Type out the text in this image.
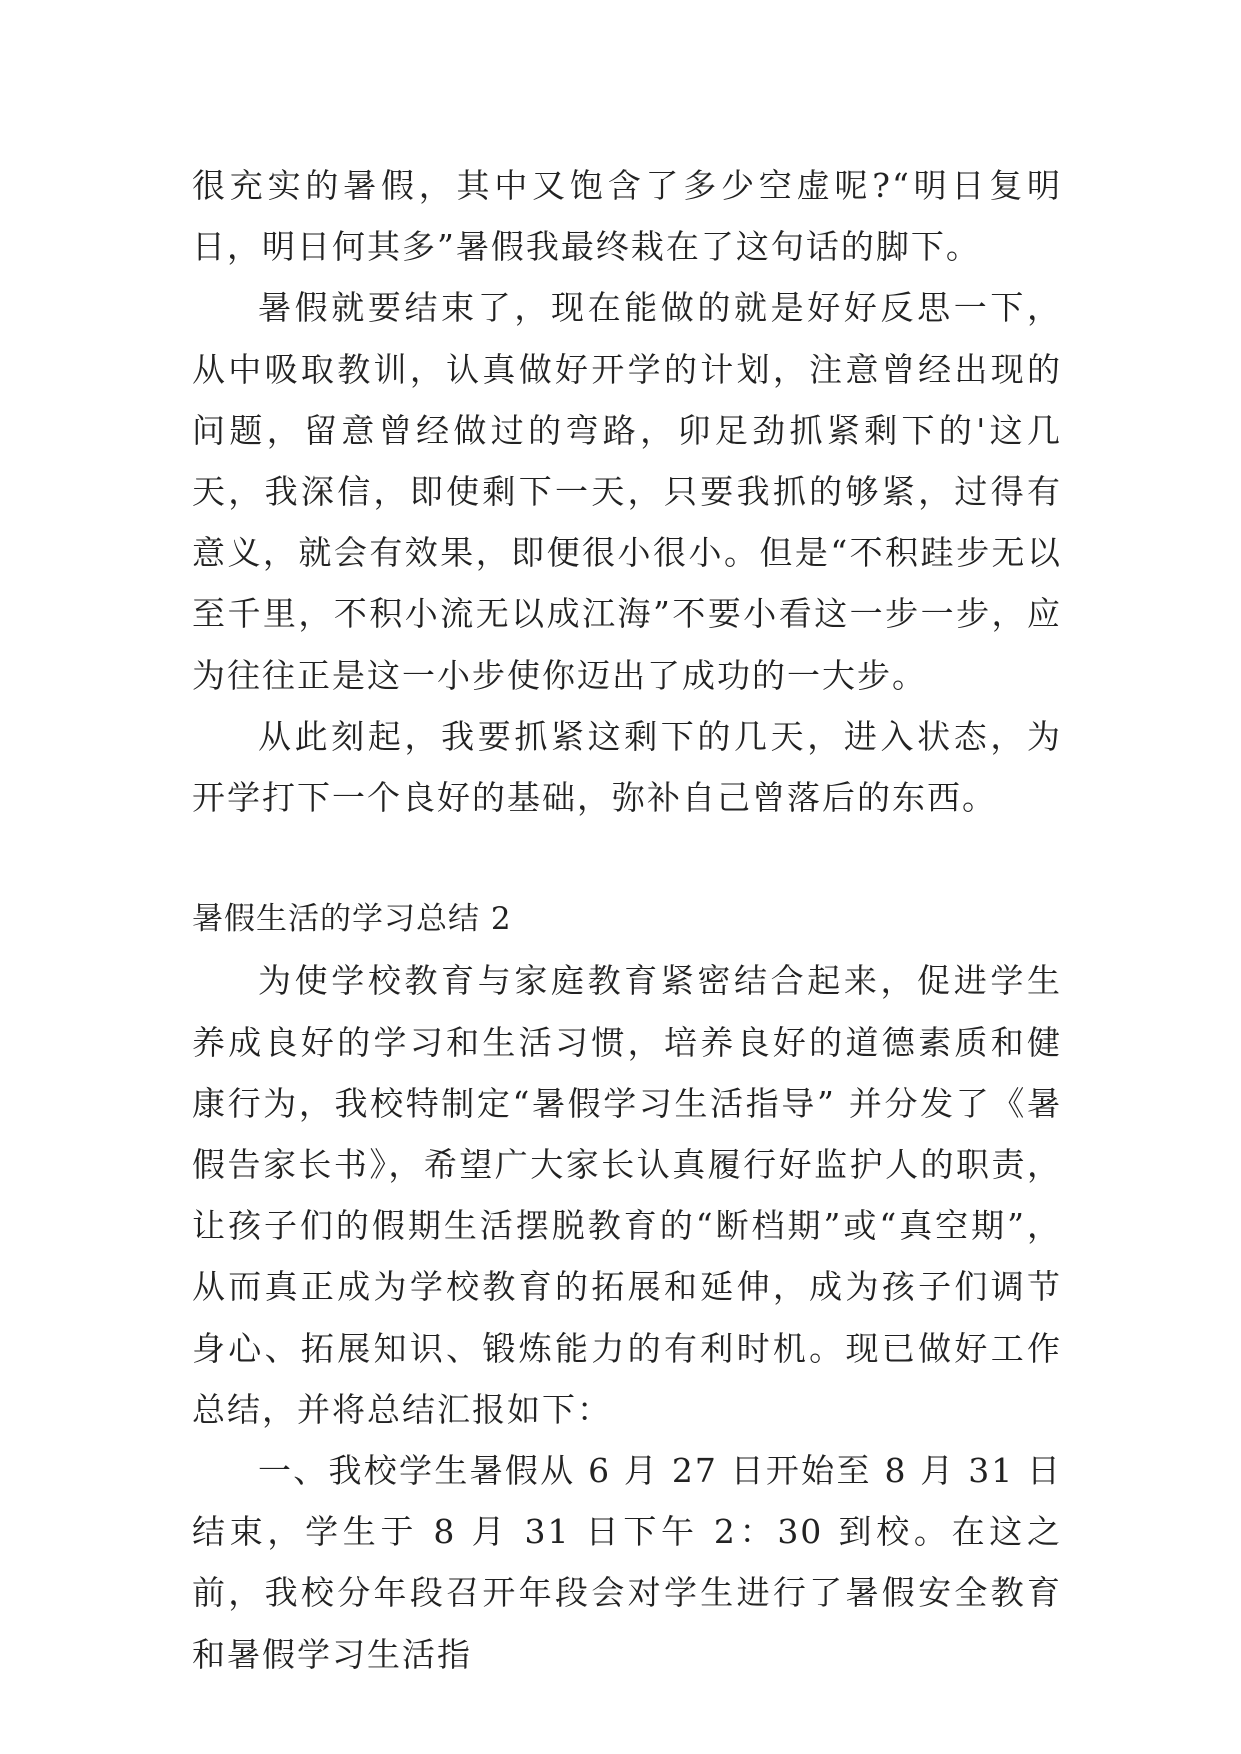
很充实的暑假，其中又饱含了多少空虚呢?“明日复明日，明日何其多”暑假我最终栽在了这句话的脚下。

暑假就要结束了，现在能做的就是好好反思一下，从中吸取教训，认真做好开学的计划，注意曾经出现的问题，留意曾经做过的弯路，卯足劲抓紧剩下的'这几天，我深信，即使剩下一天，只要我抓的够紧，过得有意义，就会有效果，即便很小很小。但是“不积跬步无以至千里，不积小流无以成江海”不要小看这一步一步，应为往往正是这一小步使你迈出了成功的一大步。

从此刻起，我要抓紧这剩下的几天，进入状态，为开学打下一个良好的基础，弥补自己曾落后的东西。

暑假生活的学习总结 2

为使学校教育与家庭教育紧密结合起来，促进学生养成良好的学习和生活习惯，培养良好的道德素质和健康行为，我校特制定“暑假学习生活指导” 并分发了《暑假告家长书》，希望广大家长认真履行好监护人的职责，让孩子们的假期生活摆脱教育的“断档期”或“真空期”，从而真正成为学校教育的拓展和延伸，成为孩子们调节身心、拓展知识、锻炼能力的有利时机。现已做好工作总结，并将总结汇报如下：

一、我校学生暑假从 6 月 27 日开始至 8 月 31 日结束，学生于 8 月 31 日下午 2：30 到校。在这之前，我校分年段召开年段会对学生进行了暑假安全教育和暑假学习生活指
